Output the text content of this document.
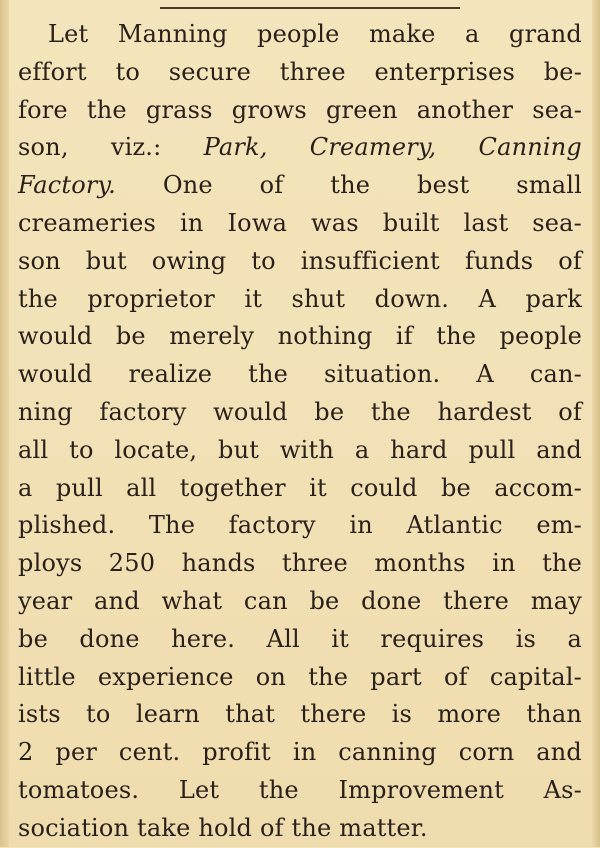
Let Manning people make a grand
effort to secure three enterprises be-
fore the grass grows green another sea-
son, viz.: Park, Creamery, Canning
Factory. One of the best small
creameries in Iowa was built last sea-
son but owing to insufficient funds of
the proprietor it shut down. A park
would be merely nothing if the people
would realize the situation. A can-
ning factory would be the hardest of
all to locate, but with a hard pull and
a pull all together it could be accom-
plished. The factory in Atlantic em-
ploys 250 hands three months in the
year and what can be done there may
be done here. All it requires is a
little experience on the part of capital-
ists to learn that there is more than
2 per cent. profit in canning corn and
tomatoes. Let the Improvement As-
sociation take hold of the matter.
